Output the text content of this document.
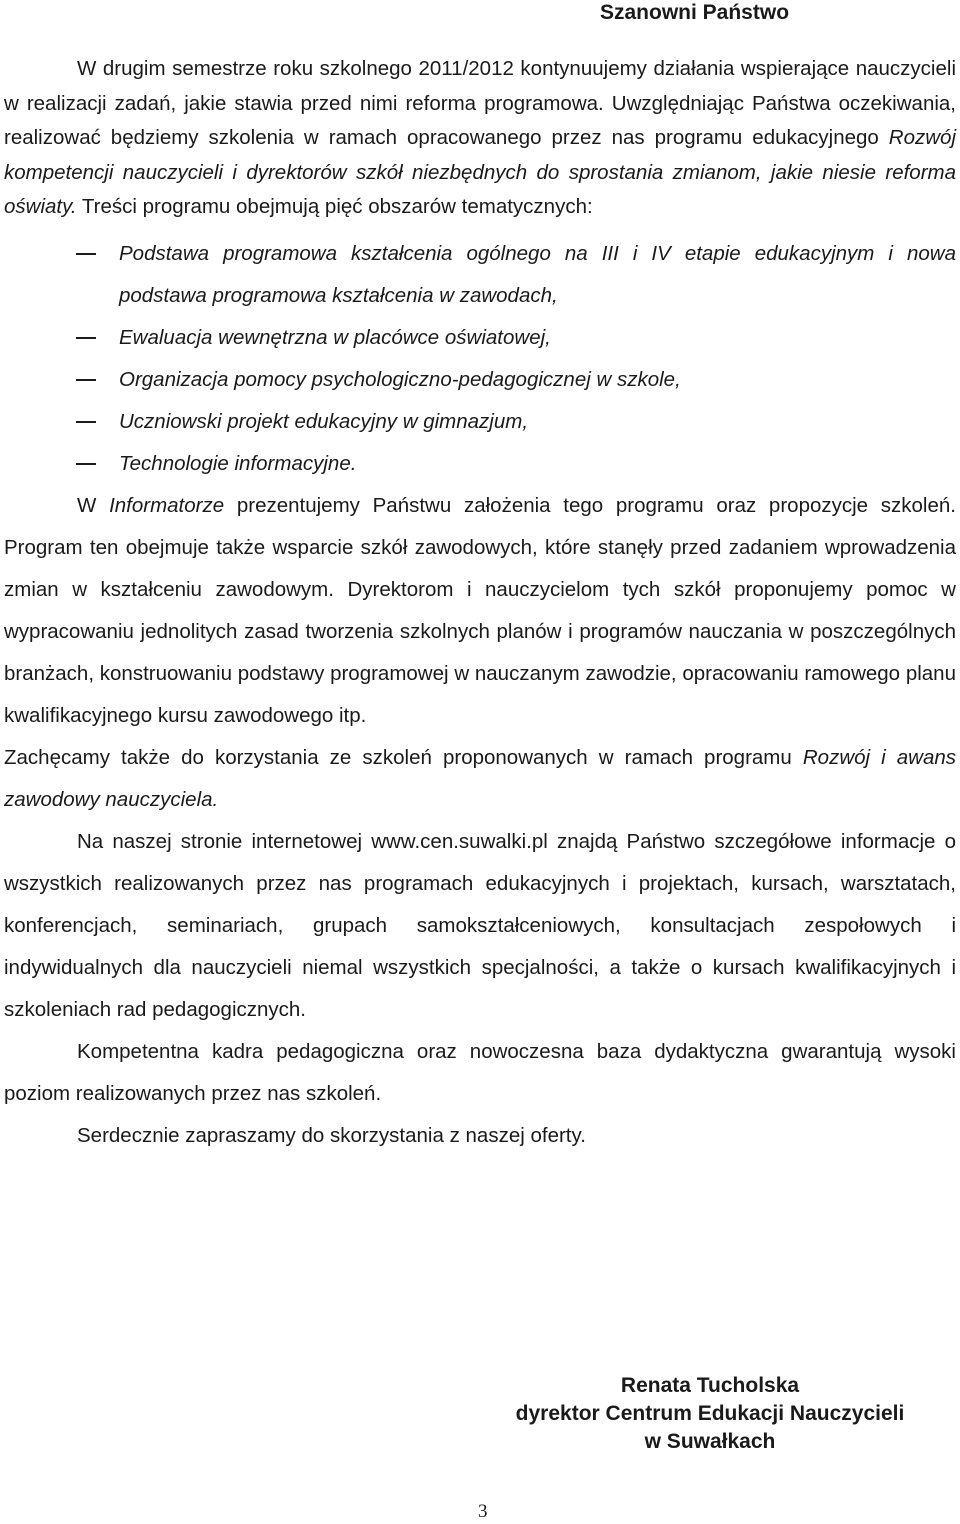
Szanowni Państwo

W drugim semestrze roku szkolnego 2011/2012 kontynuujemy działania wspierające nauczycieli w realizacji zadań, jakie stawia przed nimi reforma programowa. Uwzględniając Państwa oczekiwania, realizować będziemy szkolenia w ramach opracowanego przez nas programu edukacyjnego Rozwój kompetencji nauczycieli i dyrektorów szkół niezbędnych do sprostania zmianom, jakie niesie reforma oświaty. Treści programu obejmują pięć obszarów tematycznych:

Podstawa programowa kształcenia ogólnego na III i IV etapie edukacyjnym i nowa podstawa programowa kształcenia w zawodach,
Ewaluacja wewnętrzna w placówce oświatowej,
Organizacja pomocy psychologiczno-pedagogicznej w szkole,
Uczniowski projekt edukacyjny w gimnazjum,
Technologie informacyjne.

W Informatorze prezentujemy Państwu założenia tego programu oraz propozycje szkoleń. Program ten obejmuje także wsparcie szkół zawodowych, które stanęły przed zadaniem wprowadzenia zmian w kształceniu zawodowym. Dyrektorom i nauczycielom tych szkół proponujemy pomoc w wypracowaniu jednolitych zasad tworzenia szkolnych planów i programów nauczania w poszczególnych branżach, konstruowaniu podstawy programowej w nauczanym zawodzie, opracowaniu ramowego planu kwalifikacyjnego kursu zawodowego itp.

Zachęcamy także do korzystania ze szkoleń proponowanych w ramach programu Rozwój i awans zawodowy nauczyciela.

Na naszej stronie internetowej www.cen.suwalki.pl znajdą Państwo szczegółowe informacje o wszystkich realizowanych przez nas programach edukacyjnych i projektach, kursach, warsztatach, konferencjach, seminariach, grupach samokształceniowych, konsultacjach zespołowych i indywidualnych dla nauczycieli niemal wszystkich specjalności, a także o kursach kwalifikacyjnych i szkoleniach rad pedagogicznych.

Kompetentna kadra pedagogiczna oraz nowoczesna baza dydaktyczna gwarantują wysoki poziom realizowanych przez nas szkoleń.

Serdecznie zapraszamy do skorzystania z naszej oferty.

Renata Tucholska
dyrektor Centrum Edukacji Nauczycieli
w Suwałkach
3
